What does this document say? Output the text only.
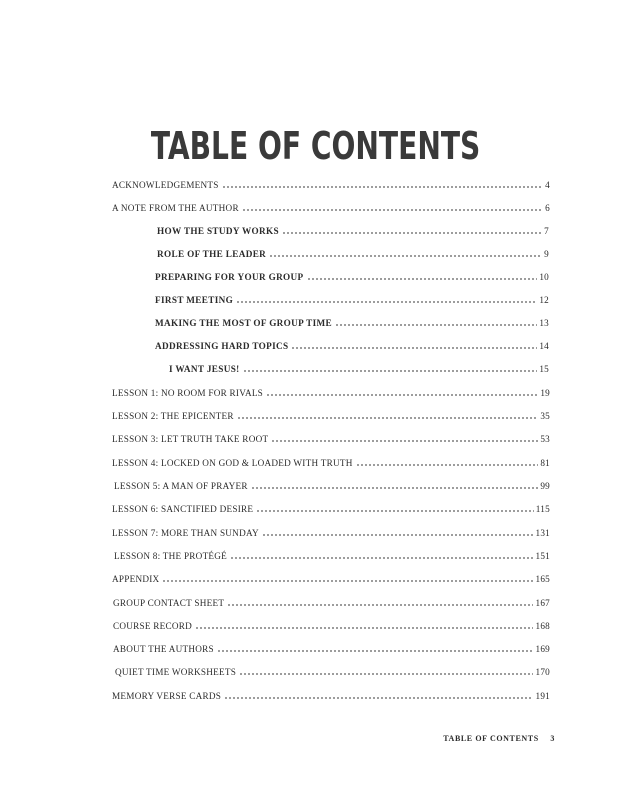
TABLE OF CONTENTS
ACKNOWLEDGEMENTS	4
A NOTE FROM THE AUTHOR	6
HOW THE STUDY WORKS	7
ROLE OF THE LEADER	9
PREPARING FOR YOUR GROUP	10
FIRST MEETING	12
MAKING THE MOST OF GROUP TIME	13
ADDRESSING HARD TOPICS	14
I WANT JESUS!	15
LESSON 1: NO ROOM FOR RIVALS	19
LESSON 2: THE EPICENTER	35
LESSON 3: LET TRUTH TAKE ROOT	53
LESSON 4: LOCKED ON GOD & LOADED WITH TRUTH	81
LESSON 5: A MAN OF PRAYER	99
LESSON 6: SANCTIFIED DESIRE	115
LESSON 7: MORE THAN SUNDAY	131
LESSON 8: THE PROTÉGÉ	151
APPENDIX	165
GROUP CONTACT SHEET	167
COURSE RECORD	168
ABOUT THE AUTHORS	169
QUIET TIME WORKSHEETS	170
MEMORY VERSE CARDS	191
TABLE OF CONTENTS 3
